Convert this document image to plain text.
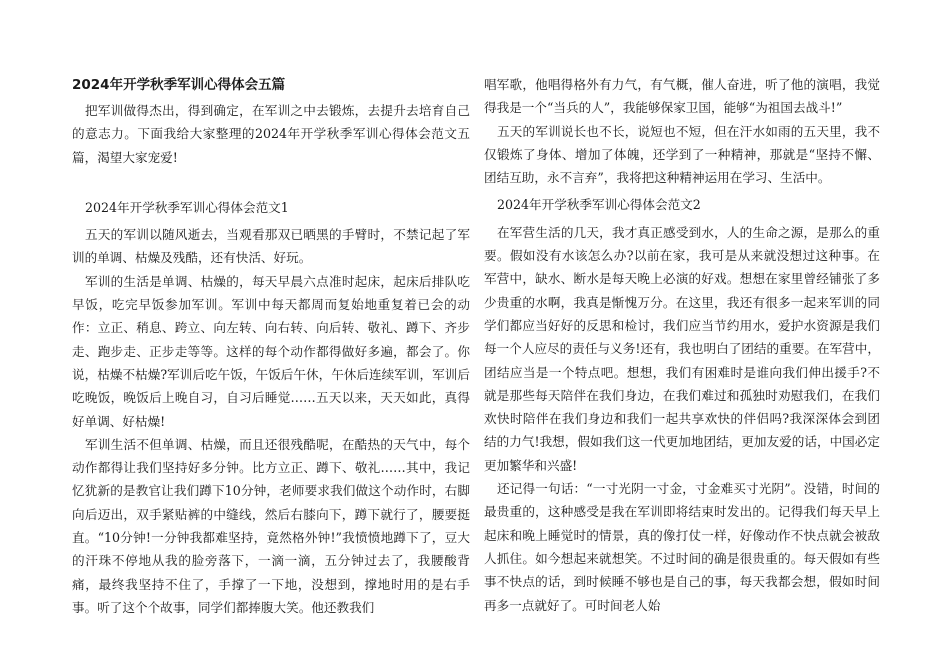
2024年开学秋季军训心得体会五篇

把军训做得杰出，得到确定，在军训之中去锻炼，去提升去培育自己的意志力。下面我给大家整理的2024年开学秋季军训心得体会范文五篇，渴望大家宠爱!

2024年开学秋季军训心得体会范文1

五天的军训以随风逝去，当观看那双已晒黑的手臂时，不禁记起了军训的单调、枯燥及残酷，还有快活、好玩。

军训的生活是单调、枯燥的，每天早晨六点准时起床，起床后排队吃早饭，吃完早饭参加军训。军训中每天都周而复始地重复着已会的动作：立正、稍息、跨立、向左转、向右转、向后转、敬礼、蹲下、齐步走、跑步走、正步走等等。这样的每个动作都得做好多遍，都会了。你说，枯燥不枯燥?军训后吃午饭，午饭后午休，午休后连续军训，军训后吃晚饭，晚饭后上晚自习，自习后睡觉……五天以来，天天如此，真得好单调、好枯燥!

军训生活不但单调、枯燥，而且还很残酷呢，在酷热的天气中，每个动作都得让我们坚持好多分钟。比方立正、蹲下、敬礼……其中，我记忆犹新的是教官让我们蹲下10分钟，老师要求我们做这个动作时，右脚向后迈出，双手紧贴裤的中缝线，然后右膝向下，蹲下就行了，腰要挺直。“10分钟!一分钟我都难坚持，竟然格外钟!”我愤愤地蹲下了，豆大的汗珠不停地从我的脸旁落下，一滴一滴，五分钟过去了，我腰酸背痛，最终我坚持不住了，手撑了一下地，没想到，撑地时用的是右手事。听了这个个故事，同学们都捧腹大笑。他还教我们

唱军歌，他唱得格外有力气，有气概，催人奋进，听了他的演唱，我觉得我是一个“当兵的人”，我能够保家卫国，能够“为祖国去战斗!”

五天的军训说长也不长，说短也不短，但在汗水如雨的五天里，我不仅锻炼了身体、增加了体魄，还学到了一种精神，那就是“坚持不懈、团结互助，永不言弃”，我将把这种精神运用在学习、生活中。

2024年开学秋季军训心得体会范文2

在军营生活的几天，我才真正感受到水，人的生命之源，是那么的重要。假如没有水该怎么办?以前在家，我可是从来就没想过这种事。在军营中，缺水、断水是每天晚上必演的好戏。想想在家里曾经铺张了多少贵重的水啊，我真是惭愧万分。在这里，我还有很多一起来军训的同学们都应当好好的反思和检讨，我们应当节约用水，爱护水资源是我们每一个人应尽的责任与义务!还有，我也明白了团结的重要。在军营中，团结应当是一个特点吧。想想，我们有困难时是谁向我们伸出援手?不就是那些每天陪伴在我们身边，在我们难过和孤独时劝慰我们，在我们欢快时陪伴在我们身边和我们一起共享欢快的伴侣吗?我深深体会到团结的力气!我想，假如我们这一代更加地团结，更加友爱的话，中国必定更加繁华和兴盛!

还记得一句话：“一寸光阴一寸金，寸金难买寸光阴”。没错，时间的最贵重的，这种感受是我在军训即将结束时发出的。记得我们每天早上起床和晚上睡觉时的情景，真的像打仗一样，好像动作不快点就会被敌人抓住。如今想起来就想笑。不过时间的确是很贵重的。每天假如有些事不快点的话，到时候睡不够也是自己的事，每天我都会想，假如时间再多一点就好了。可时间老人始
